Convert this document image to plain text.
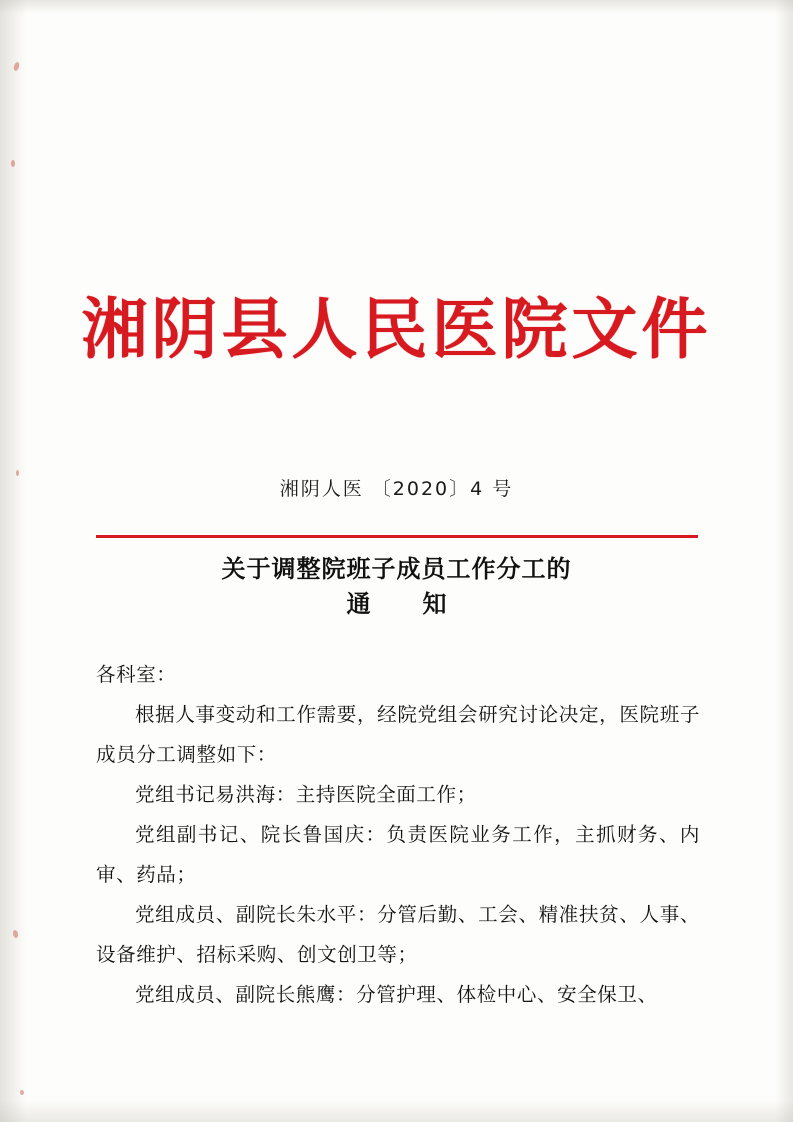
湘阴县人民医院文件
湘阴人医 〔2020〕4 号
关于调整院班子成员工作分工的
通　知

各科室：

根据人事变动和工作需要，经院党组会研究讨论决定，医院班子成员分工调整如下：

党组书记易洪海：主持医院全面工作；

党组副书记、院长鲁国庆：负责医院业务工作，主抓财务、内审、药品；

党组成员、副院长朱水平：分管后勤、工会、精准扶贫、人事、设备维护、招标采购、创文创卫等；

党组成员、副院长熊鹰：分管护理、体检中心、安全保卫、
